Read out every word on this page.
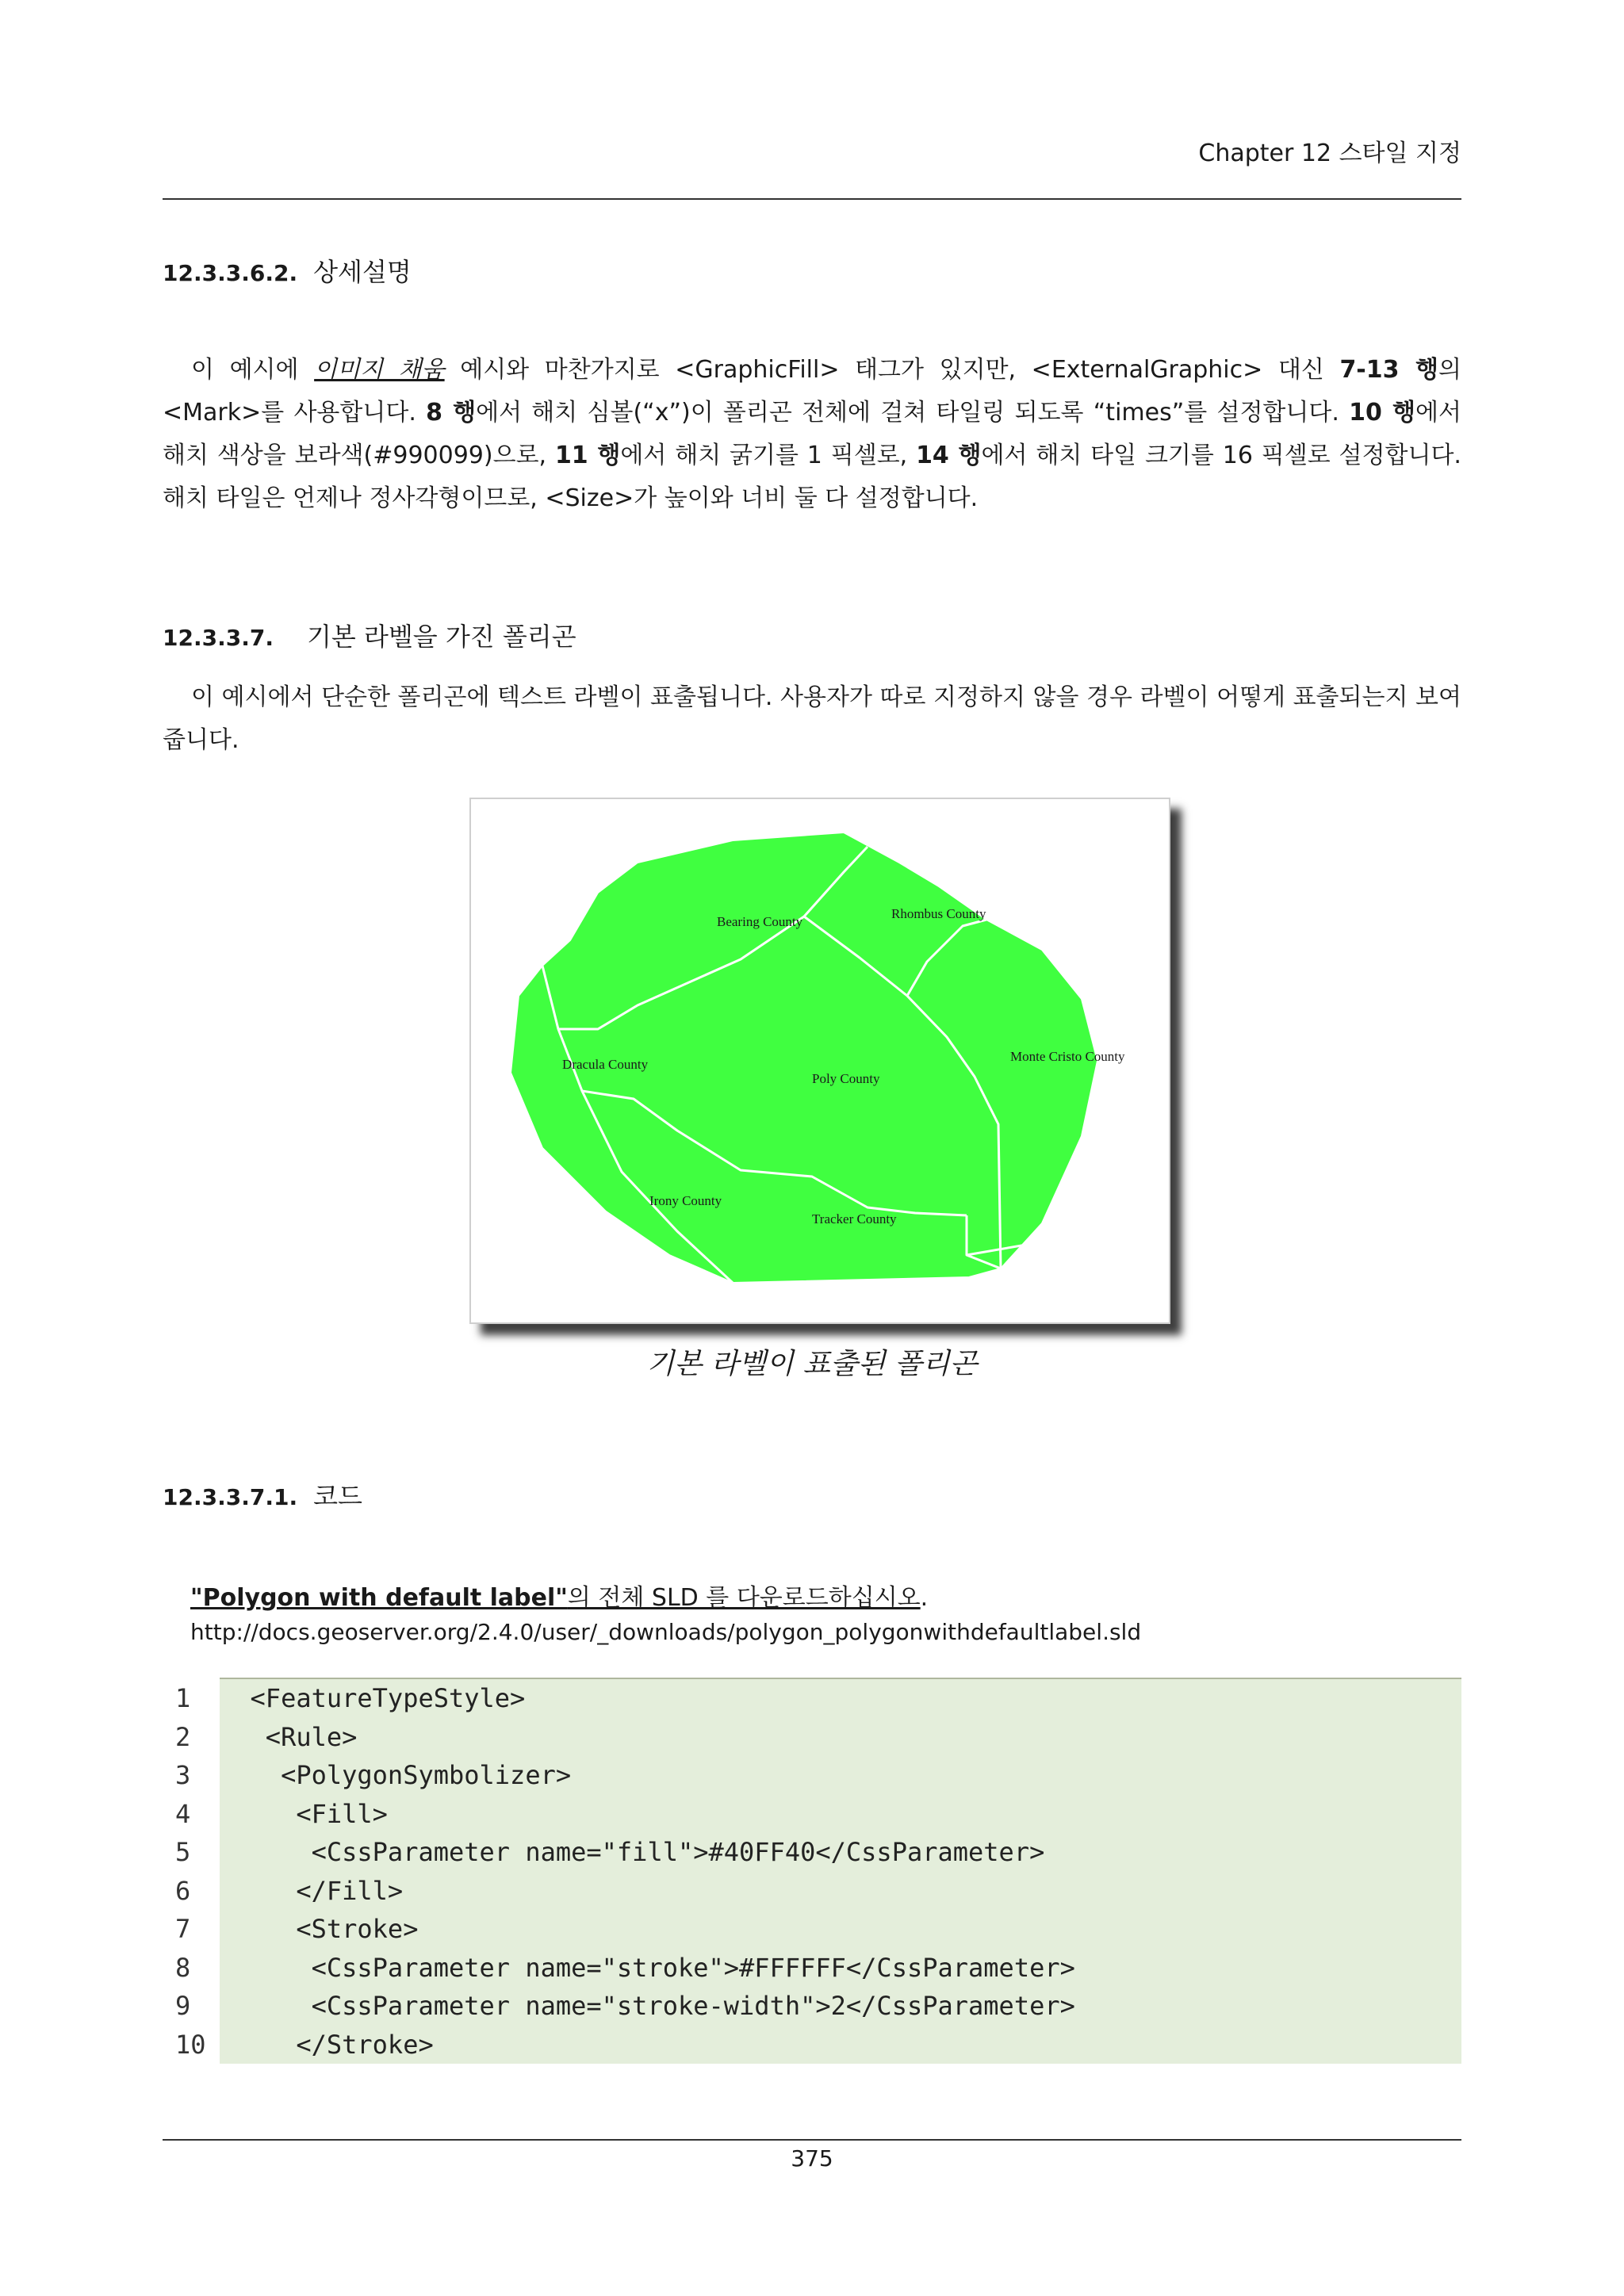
Chapter 12 스타일 지정
12.3.3.6.2. 상세설명
이 예시에 이미지 채움 예시와 마찬가지로 <GraphicFill> 태그가 있지만, <ExternalGraphic> 대신 7-13 행의 <Mark>를 사용합니다. 8 행에서 해치 심볼(“x”)이 폴리곤 전체에 걸쳐 타일링 되도록 “times”를 설정합니다. 10 행에서 해치 색상을 보라색(#990099)으로, 11 행에서 해치 굵기를 1 픽셀로, 14 행에서 해치 타일 크기를 16 픽셀로 설정합니다. 해치 타일은 언제나 정사각형이므로, <Size>가 높이와 너비 둘 다 설정합니다.
12.3.3.7. 기본 라벨을 가진 폴리곤
이 예시에서 단순한 폴리곤에 텍스트 라벨이 표출됩니다. 사용자가 따로 지정하지 않을 경우 라벨이 어떻게 표출되는지 보여줍니다.
Bearing County
Rhombus County
Monte Cristo County
Dracula County
Poly County
Irony County
Tracker County
기본 라벨이 표출된 폴리곤
12.3.3.7.1. 코드
"Polygon with default label"의 전체 SLD 를 다운로드하십시오.
http://docs.geoserver.org/2.4.0/user/_downloads/polygon_polygonwithdefaultlabel.sld
1	<FeatureTypeStyle>
2	<Rule>
3	<PolygonSymbolizer>
4	<Fill>
5	<CssParameter name="fill">#40FF40</CssParameter>
6	</Fill>
7	<Stroke>
8	<CssParameter name="stroke">#FFFFFF</CssParameter>
9	<CssParameter name="stroke-width">2</CssParameter>
10 </Stroke>
375
